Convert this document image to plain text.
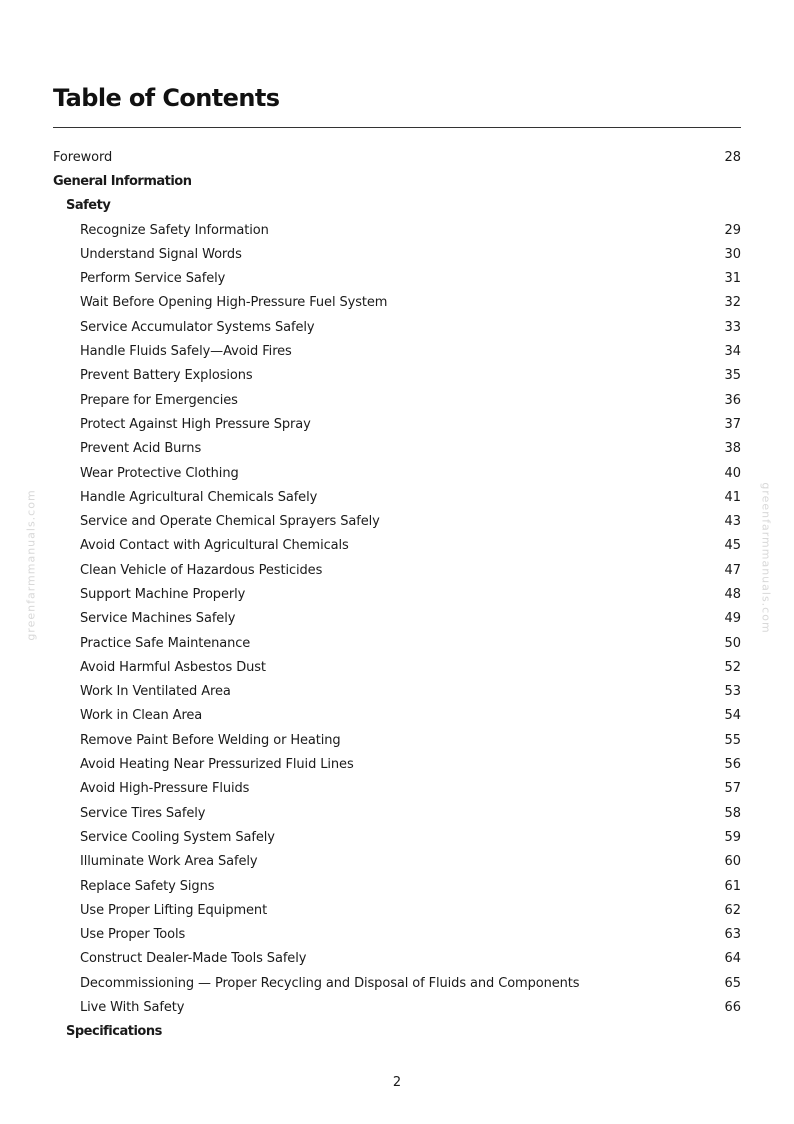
Table of Contents
Foreword	28
General Information
Safety
Recognize Safety Information	29
Understand Signal Words	30
Perform Service Safely	31
Wait Before Opening High-Pressure Fuel System	32
Service Accumulator Systems Safely	33
Handle Fluids Safely—Avoid Fires	34
Prevent Battery Explosions	35
Prepare for Emergencies	36
Protect Against High Pressure Spray	37
Prevent Acid Burns	38
Wear Protective Clothing	40
Handle Agricultural Chemicals Safely	41
Service and Operate Chemical Sprayers Safely	43
Avoid Contact with Agricultural Chemicals	45
Clean Vehicle of Hazardous Pesticides	47
Support Machine Properly	48
Service Machines Safely	49
Practice Safe Maintenance	50
Avoid Harmful Asbestos Dust	52
Work In Ventilated Area	53
Work in Clean Area	54
Remove Paint Before Welding or Heating	55
Avoid Heating Near Pressurized Fluid Lines	56
Avoid High-Pressure Fluids	57
Service Tires Safely	58
Service Cooling System Safely	59
Illuminate Work Area Safely	60
Replace Safety Signs	61
Use Proper Lifting Equipment	62
Use Proper Tools	63
Construct Dealer-Made Tools Safely	64
Decommissioning — Proper Recycling and Disposal of Fluids and Components	65
Live With Safety	66
Specifications
greenfarmmanuals.com	greenfarmmanuals.com
2
